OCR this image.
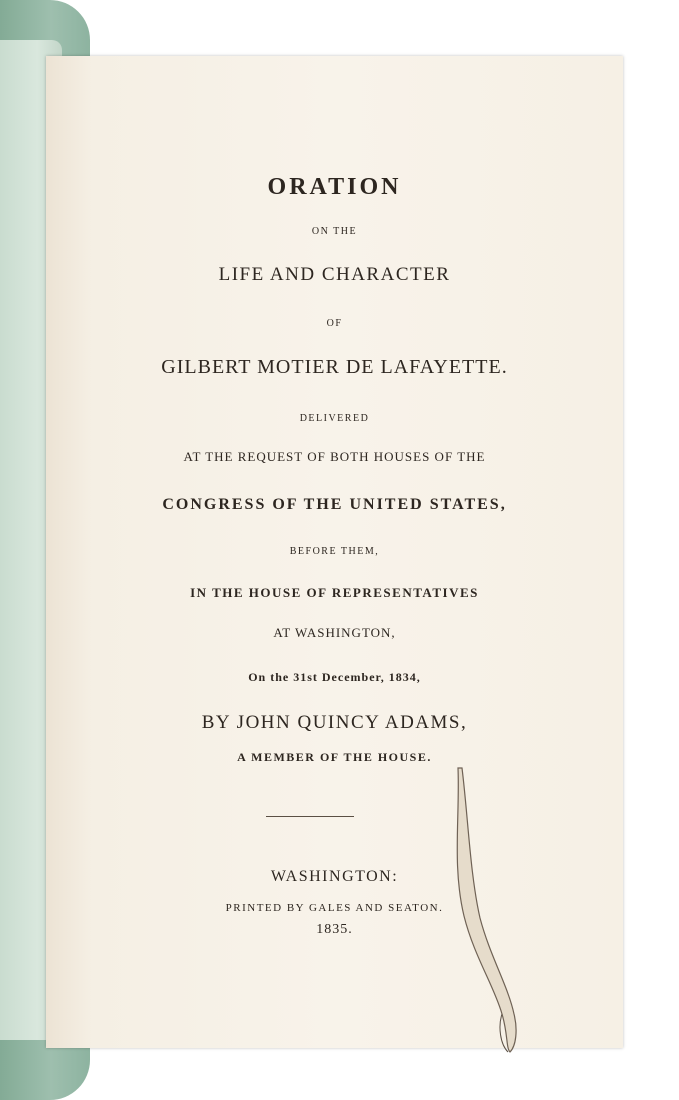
ORATION
ON THE
LIFE AND CHARACTER
OF
GILBERT MOTIER DE LAFAYETTE.
DELIVERED
AT THE REQUEST OF BOTH HOUSES OF THE
CONGRESS OF THE UNITED STATES,
BEFORE THEM,
IN THE HOUSE OF REPRESENTATIVES
AT WASHINGTON,
On the 31st December, 1834,
BY JOHN QUINCY ADAMS,
A MEMBER OF THE HOUSE.
WASHINGTON:
PRINTED BY GALES AND SEATON.
1835.
